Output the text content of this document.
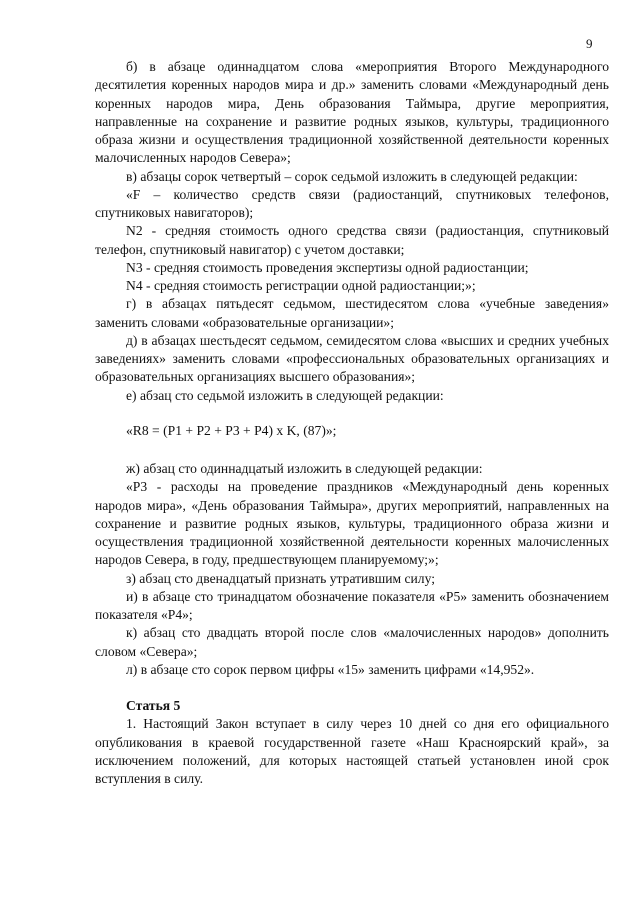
9

б) в абзаце одиннадцатом слова «мероприятия Второго Международного десятилетия коренных народов мира и др.» заменить словами «Международный день коренных народов мира, День образования Таймыра, другие мероприятия, направленные на сохранение и развитие родных языков, культуры, традиционного образа жизни и осуществления традиционной хозяйственной деятельности коренных малочисленных народов Севера»;

в) абзацы сорок четвертый – сорок седьмой изложить в следующей редакции:

«F – количество средств связи (радиостанций, спутниковых телефонов, спутниковых навигаторов);

N2 - средняя стоимость одного средства связи (радиостанция, спутниковый телефон, спутниковый навигатор) с учетом доставки;

N3 - средняя стоимость проведения экспертизы одной радиостанции;

N4 - средняя стоимость регистрации одной радиостанции;»;

г) в абзацах пятьдесят седьмом, шестидесятом слова «учебные заведения» заменить словами «образовательные организации»;

д) в абзацах шестьдесят седьмом, семидесятом слова «высших и средних учебных заведениях» заменить словами «профессиональных образовательных организациях и образовательных организациях высшего образования»;

е) абзац сто седьмой изложить в следующей редакции:

«R8 = (P1 + P2 + P3 + P4) x K, (87)»;

ж) абзац сто одиннадцатый изложить в следующей редакции:

«P3 - расходы на проведение праздников «Международный день коренных народов мира», «День образования Таймыра», других мероприятий, направленных на сохранение и развитие родных языков, культуры, традиционного образа жизни и осуществления традиционной хозяйственной деятельности коренных малочисленных народов Севера, в году, предшествующем планируемому;»;

з) абзац сто двенадцатый признать утратившим силу;

и) в абзаце сто тринадцатом обозначение показателя «P5» заменить обозначением показателя «P4»;

к) абзац сто двадцать второй после слов «малочисленных народов» дополнить словом «Севера»;

л) в абзаце сто сорок первом цифры «15» заменить цифрами «14,952».

Статья 5

1. Настоящий Закон вступает в силу через 10 дней со дня его официального опубликования в краевой государственной газете «Наш Красноярский край», за исключением положений, для которых настоящей статьей установлен иной срок вступления в силу.
